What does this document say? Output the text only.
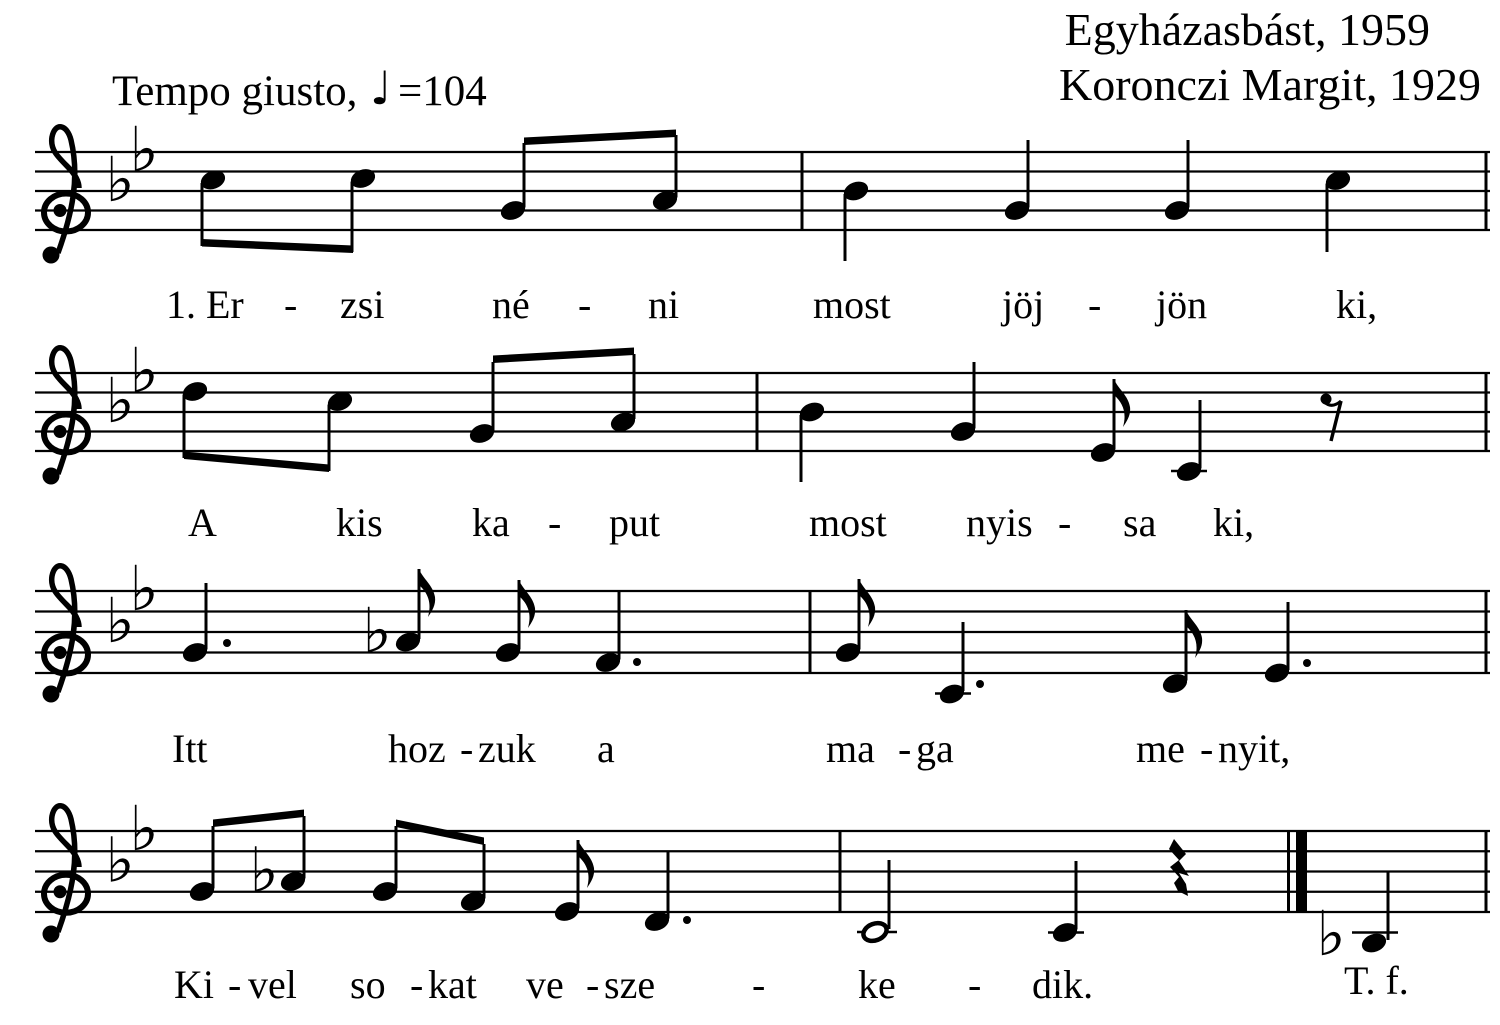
Egyházasbást, 1959
Koronczi Margit, 1929
Tempo giusto, ♩ =104
♭
♭
♭
♭
♭
♭
♭
♭
♭
♭
♭
1. Er - zsi	né - ni	most	jöj - jön	ki,
A	kis ka - put	most nyis - sa ki,
Itt	hoz - zuk a	ma - ga	me - nyit,
Ki - vel so - kat ve - sze - ke - dik.	T. f.
